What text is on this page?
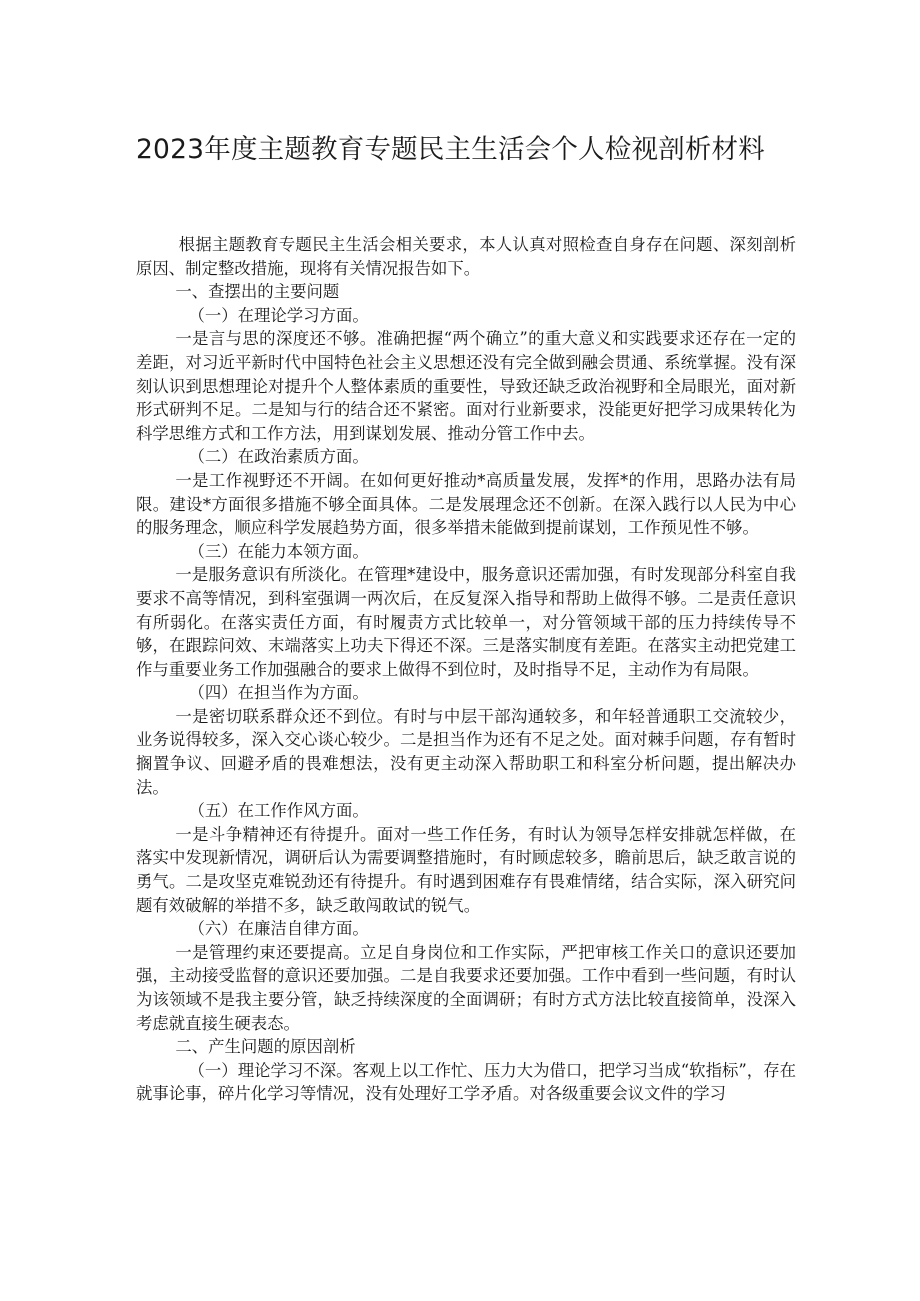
2023年度主题教育专题民主生活会个人检视剖析材料

根据主题教育专题民主生活会相关要求，本人认真对照检查自身存在问题、深刻剖析原因、制定整改措施，现将有关情况报告如下。

一、查摆出的主要问题

（一）在理论学习方面。

一是言与思的深度还不够。准确把握“两个确立”的重大意义和实践要求还存在一定的差距，对习近平新时代中国特色社会主义思想还没有完全做到融会贯通、系统掌握。没有深刻认识到思想理论对提升个人整体素质的重要性，导致还缺乏政治视野和全局眼光，面对新形式研判不足。二是知与行的结合还不紧密。面对行业新要求，没能更好把学习成果转化为科学思维方式和工作方法，用到谋划发展、推动分管工作中去。

（二）在政治素质方面。

一是工作视野还不开阔。在如何更好推动*高质量发展，发挥*的作用，思路办法有局限。建设*方面很多措施不够全面具体。二是发展理念还不创新。在深入践行以人民为中心的服务理念，顺应科学发展趋势方面，很多举措未能做到提前谋划，工作预见性不够。

（三）在能力本领方面。

一是服务意识有所淡化。在管理*建设中，服务意识还需加强，有时发现部分科室自我要求不高等情况，到科室强调一两次后，在反复深入指导和帮助上做得不够。二是责任意识有所弱化。在落实责任方面，有时履责方式比较单一，对分管领域干部的压力持续传导不够，在跟踪问效、末端落实上功夫下得还不深。三是落实制度有差距。在落实主动把党建工作与重要业务工作加强融合的要求上做得不到位时，及时指导不足，主动作为有局限。

（四）在担当作为方面。

一是密切联系群众还不到位。有时与中层干部沟通较多，和年轻普通职工交流较少，业务说得较多，深入交心谈心较少。二是担当作为还有不足之处。面对棘手问题，存有暂时搁置争议、回避矛盾的畏难想法，没有更主动深入帮助职工和科室分析问题，提出解决办法。

（五）在工作作风方面。

一是斗争精神还有待提升。面对一些工作任务，有时认为领导怎样安排就怎样做，在落实中发现新情况，调研后认为需要调整措施时，有时顾虑较多，瞻前思后，缺乏敢言说的勇气。二是攻坚克难锐劲还有待提升。有时遇到困难存有畏难情绪，结合实际，深入研究问题有效破解的举措不多，缺乏敢闯敢试的锐气。

（六）在廉洁自律方面。

一是管理约束还要提高。立足自身岗位和工作实际，严把审核工作关口的意识还要加强，主动接受监督的意识还要加强。二是自我要求还要加强。工作中看到一些问题，有时认为该领域不是我主要分管，缺乏持续深度的全面调研；有时方式方法比较直接简单，没深入考虑就直接生硬表态。

二、产生问题的原因剖析

（一）理论学习不深。客观上以工作忙、压力大为借口，把学习当成“软指标”，存在就事论事，碎片化学习等情况，没有处理好工学矛盾。对各级重要会议文件的学习
